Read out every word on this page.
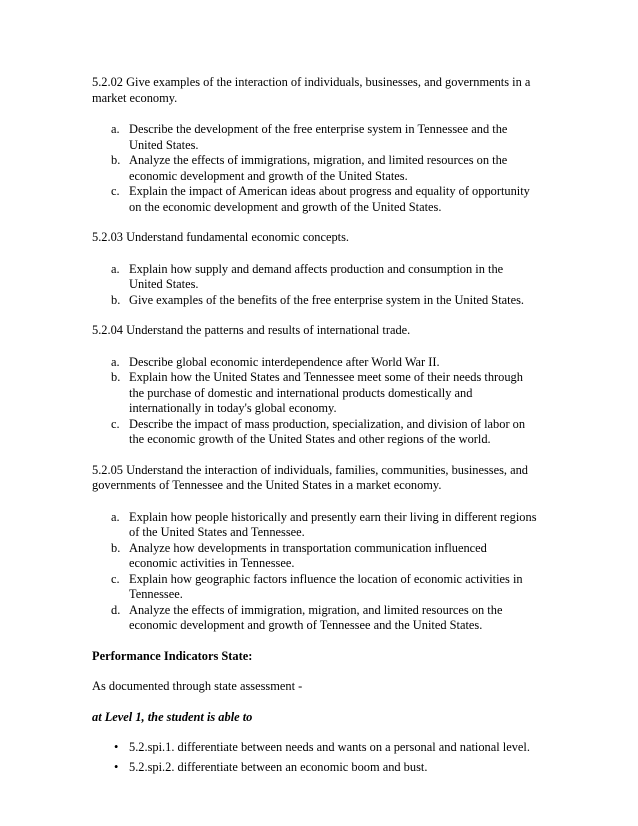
5.2.02 Give examples of the interaction of individuals, businesses, and governments in a
market economy.

a. Describe the development of the free enterprise system in Tennessee and the
United States.
b. Analyze the effects of immigrations, migration, and limited resources on the
economic development and growth of the United States.
c. Explain the impact of American ideas about progress and equality of opportunity
on the economic development and growth of the United States.

5.2.03 Understand fundamental economic concepts.

a. Explain how supply and demand affects production and consumption in the
United States.
b. Give examples of the benefits of the free enterprise system in the United States.

5.2.04 Understand the patterns and results of international trade.

a. Describe global economic interdependence after World War II.
b. Explain how the United States and Tennessee meet some of their needs through
the purchase of domestic and international products domestically and
internationally in today's global economy.
c. Describe the impact of mass production, specialization, and division of labor on
the economic growth of the United States and other regions of the world.

5.2.05 Understand the interaction of individuals, families, communities, businesses, and
governments of Tennessee and the United States in a market economy.

a. Explain how people historically and presently earn their living in different regions
of the United States and Tennessee.
b. Analyze how developments in transportation communication influenced
economic activities in Tennessee.
c. Explain how geographic factors influence the location of economic activities in
Tennessee.
d. Analyze the effects of immigration, migration, and limited resources on the
economic development and growth of Tennessee and the United States.

Performance Indicators State:

As documented through state assessment -

at Level 1, the student is able to

• 5.2.spi.1. differentiate between needs and wants on a personal and national level.
• 5.2.spi.2. differentiate between an economic boom and bust.
